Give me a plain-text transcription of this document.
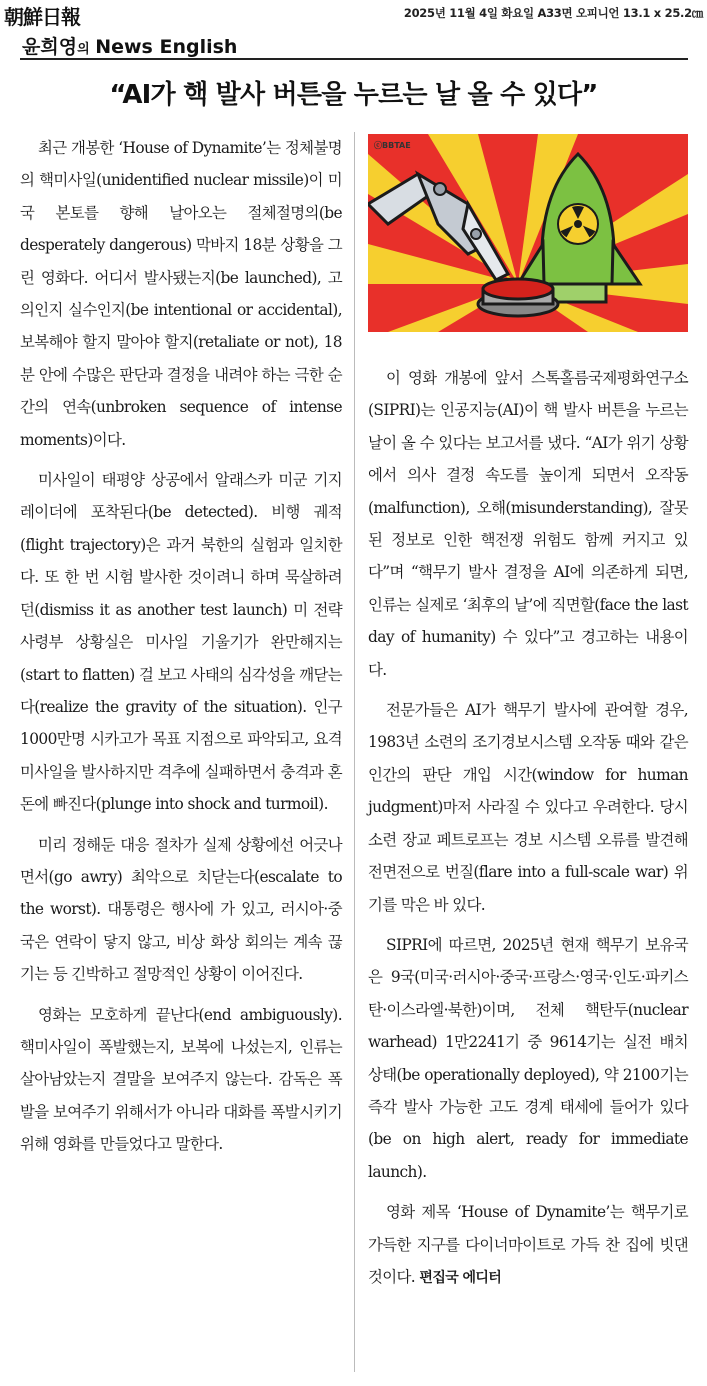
朝鮮日報	2025년 11월 4일 화요일 A33면 오피니언 13.1 x 25.2㎝
윤희영의 News English
“AI가 핵 발사 버튼을 누르는 날 올 수 있다”

최근 개봉한 ‘House of Dynamite’는 정체불명의 핵미사일(unidentified nuclear missile)이 미국 본토를 향해 날아오는 절체절명의(be desperately dangerous) 막바지 18분 상황을 그린 영화다. 어디서 발사됐는지(be launched), 고의인지 실수인지(be intentional or accidental), 보복해야 할지 말아야 할지(retaliate or not), 18분 안에 수많은 판단과 결정을 내려야 하는 극한 순간의 연속(unbroken sequence of intense moments)이다.

미사일이 태평양 상공에서 알래스카 미군 기지 레이더에 포착된다(be detected). 비행 궤적(flight trajectory)은 과거 북한의 실험과 일치한다. 또 한 번 시험 발사한 것이려니 하며 묵살하려던(dismiss it as another test launch) 미 전략사령부 상황실은 미사일 기울기가 완만해지는(start to flatten) 걸 보고 사태의 심각성을 깨닫는다(realize the gravity of the situation). 인구 1000만명 시카고가 목표 지점으로 파악되고, 요격 미사일을 발사하지만 격추에 실패하면서 충격과 혼돈에 빠진다(plunge into shock and turmoil).

미리 정해둔 대응 절차가 실제 상황에선 어긋나면서(go awry) 최악으로 치닫는다(escalate to the worst). 대통령은 행사에 가 있고, 러시아·중국은 연락이 닿지 않고, 비상 화상 회의는 계속 끊기는 등 긴박하고 절망적인 상황이 이어진다.

영화는 모호하게 끝난다(end ambiguously). 핵미사일이 폭발했는지, 보복에 나섰는지, 인류는 살아남았는지 결말을 보여주지 않는다. 감독은 폭발을 보여주기 위해서가 아니라 대화를 폭발시키기 위해 영화를 만들었다고 말한다.

ⓒBBTAE

이 영화 개봉에 앞서 스톡홀름국제평화연구소(SIPRI)는 인공지능(AI)이 핵 발사 버튼을 누르는 날이 올 수 있다는 보고서를 냈다. “AI가 위기 상황에서 의사 결정 속도를 높이게 되면서 오작동(malfunction), 오해(misunderstanding), 잘못된 정보로 인한 핵전쟁 위험도 함께 커지고 있다”며 “핵무기 발사 결정을 AI에 의존하게 되면, 인류는 실제로 ‘최후의 날’에 직면할(face the last day of humanity) 수 있다”고 경고하는 내용이다.

전문가들은 AI가 핵무기 발사에 관여할 경우, 1983년 소련의 조기경보시스템 오작동 때와 같은 인간의 판단 개입 시간(window for human judgment)마저 사라질 수 있다고 우려한다. 당시 소련 장교 페트로프는 경보 시스템 오류를 발견해 전면전으로 번질(flare into a full-scale war) 위기를 막은 바 있다.

SIPRI에 따르면, 2025년 현재 핵무기 보유국은 9국(미국·러시아·중국·프랑스·영국·인도·파키스탄·이스라엘·북한)이며, 전체 핵탄두(nuclear warhead) 1만2241기 중 9614기는 실전 배치 상태(be operationally deployed), 약 2100기는 즉각 발사 가능한 고도 경계 태세에 들어가 있다(be on high alert, ready for immediate launch).

영화 제목 ‘House of Dynamite’는 핵무기로 가득한 지구를 다이너마이트로 가득 찬 집에 빗댄 것이다. 편집국 에디터
